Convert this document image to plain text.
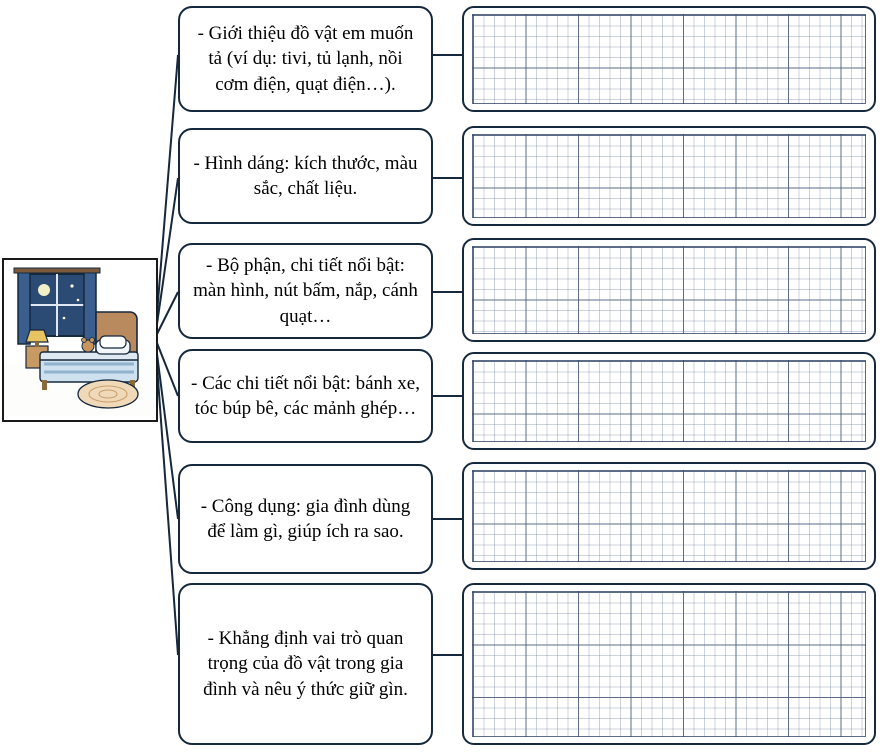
- Giới thiệu đồ vật em muốn tả (ví dụ: tivi, tủ lạnh, nồi cơm điện, quạt điện…).
- Hình dáng: kích thước, màu sắc, chất liệu.
- Bộ phận, chi tiết nổi bật: màn hình, nút bấm, nắp, cánh quạt…
- Các chi tiết nổi bật: bánh xe, tóc búp bê, các mảnh ghép…
- Công dụng: gia đình dùng để làm gì, giúp ích ra sao.
- Khẳng định vai trò quan trọng của đồ vật trong gia đình và nêu ý thức giữ gìn.
